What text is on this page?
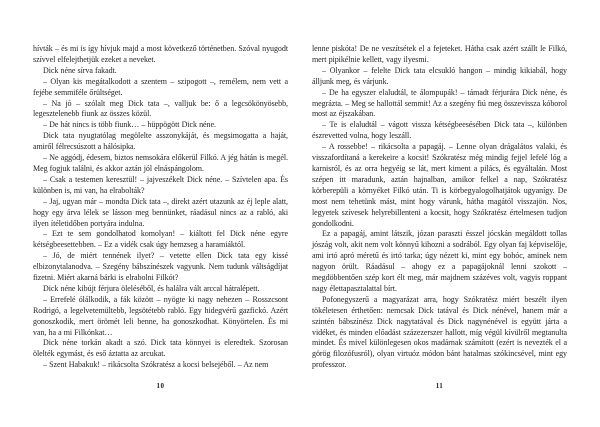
hívták – és mi is így hívjuk majd a most következő történetben. Szóval nyugodt szívvel elfelejthetjük ezeket a neveket.

Dick néne sírva fakadt.

– Olyan kis megátalkodott a szentem – szipogott –, remélem, nem vett a fejébe semmiféle őrültséget.

– Na jó – szólalt meg Dick tata –, valljuk be: ő a legcsökönyösebb, legesztelenebb fiunk az összes közül.

– De hát nincs is több fiunk… – hüppögött Dick néne.

Dick tata nyugtatólag megölelte asszonykáját, és megsimogatta a haját, amiről félrecsúszott a hálósipka.

– Ne aggódj, édesem, biztos nemsokára előkerül Filkó. A jég hátán is megél. Meg fogjuk találni, és akkor aztán jól elnáspángolom.

– Csak a testemen keresztül! – jajveszékelt Dick néne. – Szívtelen apa. És különben is, mi van, ha elrabolták?

– Jaj, ugyan már – mondta Dick tata –, direkt azért utazunk az éj leple alatt, hogy egy árva lélek se lásson meg bennünket, ráadásul nincs az a rabló, aki ilyen ítéletidőben portyára indulna.

– Ezt te sem gondolhatod komolyan! – kiáltott fel Dick néne egyre kétségbeesettebben. – Ez a vidék csak úgy hemzseg a haramiáktól.

– Jó, de miért tennének ilyet? – vetette ellen Dick tata egy kissé elbizonytalanodva. – Szegény bábszínészek vagyunk. Nem tudunk váltságdíjat fizetni. Miért akarná bárki is elrabolni Filkót?

Dick néne kibújt férjura öleléséből, és halálra vált arccal hátralépett.

– Errefelé ólálkodik, a fák között – nyögte ki nagy nehezen – Rosszcsont Rodrigó, a legelvetemültebb, legsötétebb rabló. Egy hidegvérű gazfickó. Azért gonoszkodik, mert örömét leli benne, ha gonoszkodhat. Könyörtelen. És mi van, ha a mi Filkónkat…

Dick néne torkán akadt a szó. Dick tata könnyei is eleredtek. Szorosan ölelték egymást, és eső áztatta az arcukat.

– Szent Habakuk! – rikácsolta Szókratész a kocsi belsejéből. – Az nem

10

lenne piskóta! De ne veszítsétek el a fejeteket. Hátha csak azért szállt le Filkó, mert pipikélnie kellett, vagy ilyesmi.

– Olyankor – felelte Dick tata elcsukló hangon – mindig kikiabál, hogy álljunk meg, és várjunk.

– De ha egyszer elaludtál, te álompupák! – támadt férjurára Dick néne, és megrázta. – Meg se hallottál semmit! Az a szegény fiú meg összevissza kóborol most az éjszakában.

– Te is elaludtál – vágott vissza kétségbeesésében Dick tata –, különben észrevetted volna, hogy leszáll.

– A rossebbe! – rikácsolta a papagáj. – Lenne olyan drágalátos valaki, és visszafordítaná a kerekeire a kocsit! Szókratész még mindig fejjel lefelé lóg a karnisról, és az orra hegyéig se lát, mert kiment a pilács, és egyáltalán. Most szépen itt maradunk, aztán hajnalban, amikor felkel a nap, Szókratész körberepüli a környéket Filkó után. Ti is körbegyalogolhatjátok ugyanígy. De most nem tehetünk mást, mint hogy várunk, hátha magától visszajön. Nos, legyetek szívesek helyrebillenteni a kocsit, hogy Szókratész értelmesen tudjon gondolkodni.

Ez a papagáj, amint látszik, józan paraszti ésszel jócskán megáldott tollas jószág volt, akit nem volt könnyű kihozni a sodrából. Egy olyan faj képviselője, ami irtó apró méretű és irtó tarka; úgy nézett ki, mint egy bohóc, aminek nem nagyon örült. Ráadásul – ahogy ez a papagájoknál lenni szokott – megdöbbentően szép kort élt meg, már majdnem százéves volt, vagyis roppant nagy élettapasztalattal bírt.

Pofonegyszerű a magyarázat arra, hogy Szókratész miért beszélt ilyen tökéletesen érthetően: nemcsak Dick tatával és Dick nénével, hanem már a szintén bábszínész Dick nagytatával és Dick nagynénével is együtt járta a vidéket, és minden előadást százezerszer hallott, míg végül kívülről megtanulta mindet. És mivel különlegesen okos madárnak számított (ezért is nevezték el a görög filozófusról), olyan virtuóz módon bánt hatalmas szókincsével, mint egy professzor.

11
